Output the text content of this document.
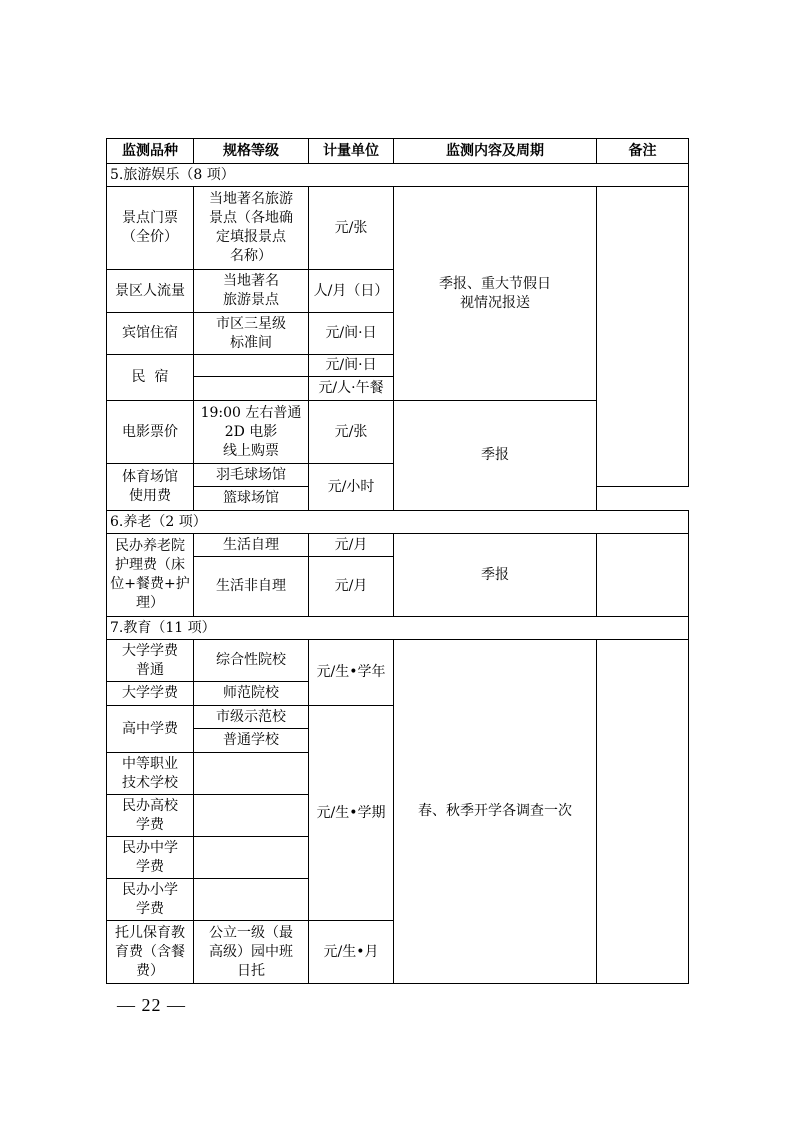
监测品种	规格等级	计量单位	监测内容及周期	备注
5.旅游娱乐（8 项）				

景点门票
（全价）	当地著名旅游
景点（各地确
定填报景点
名称）	元/张	季报、重大节假日
视情况报送	

景区人流量	当地著名
旅游景点	人/月（日）		
宾馆住宿	市区三星级
标准间	元/间·日		
民  宿		元/间·日		
		元/人·午餐		
电影票价	19:00 左右普通
2D 电影
线上购票	元/张	季报	

体育场馆
使用费	羽毛球场馆	元/小时		
	篮球场馆			
6.养老（2 项）				

民办养老院
护理费（床
位+餐费+护
理）	生活自理	元/月	季报	
	生活非自理	元/月		
7.教育（11 项）				

大学学费
普通	综合性院校	元/生•学年	春、秋季开学各调查一次	
大学学费	师范院校			
高中学费	市级示范校	元/生•学期		
	普通学校			

中等职业
技术学校				

民办高校
学费				

民办中学
学费				

民办小学
学费				

托儿保育教
育费（含餐
费）	公立一级（最
高级）园中班
日托	元/生•月		
— 22 —
